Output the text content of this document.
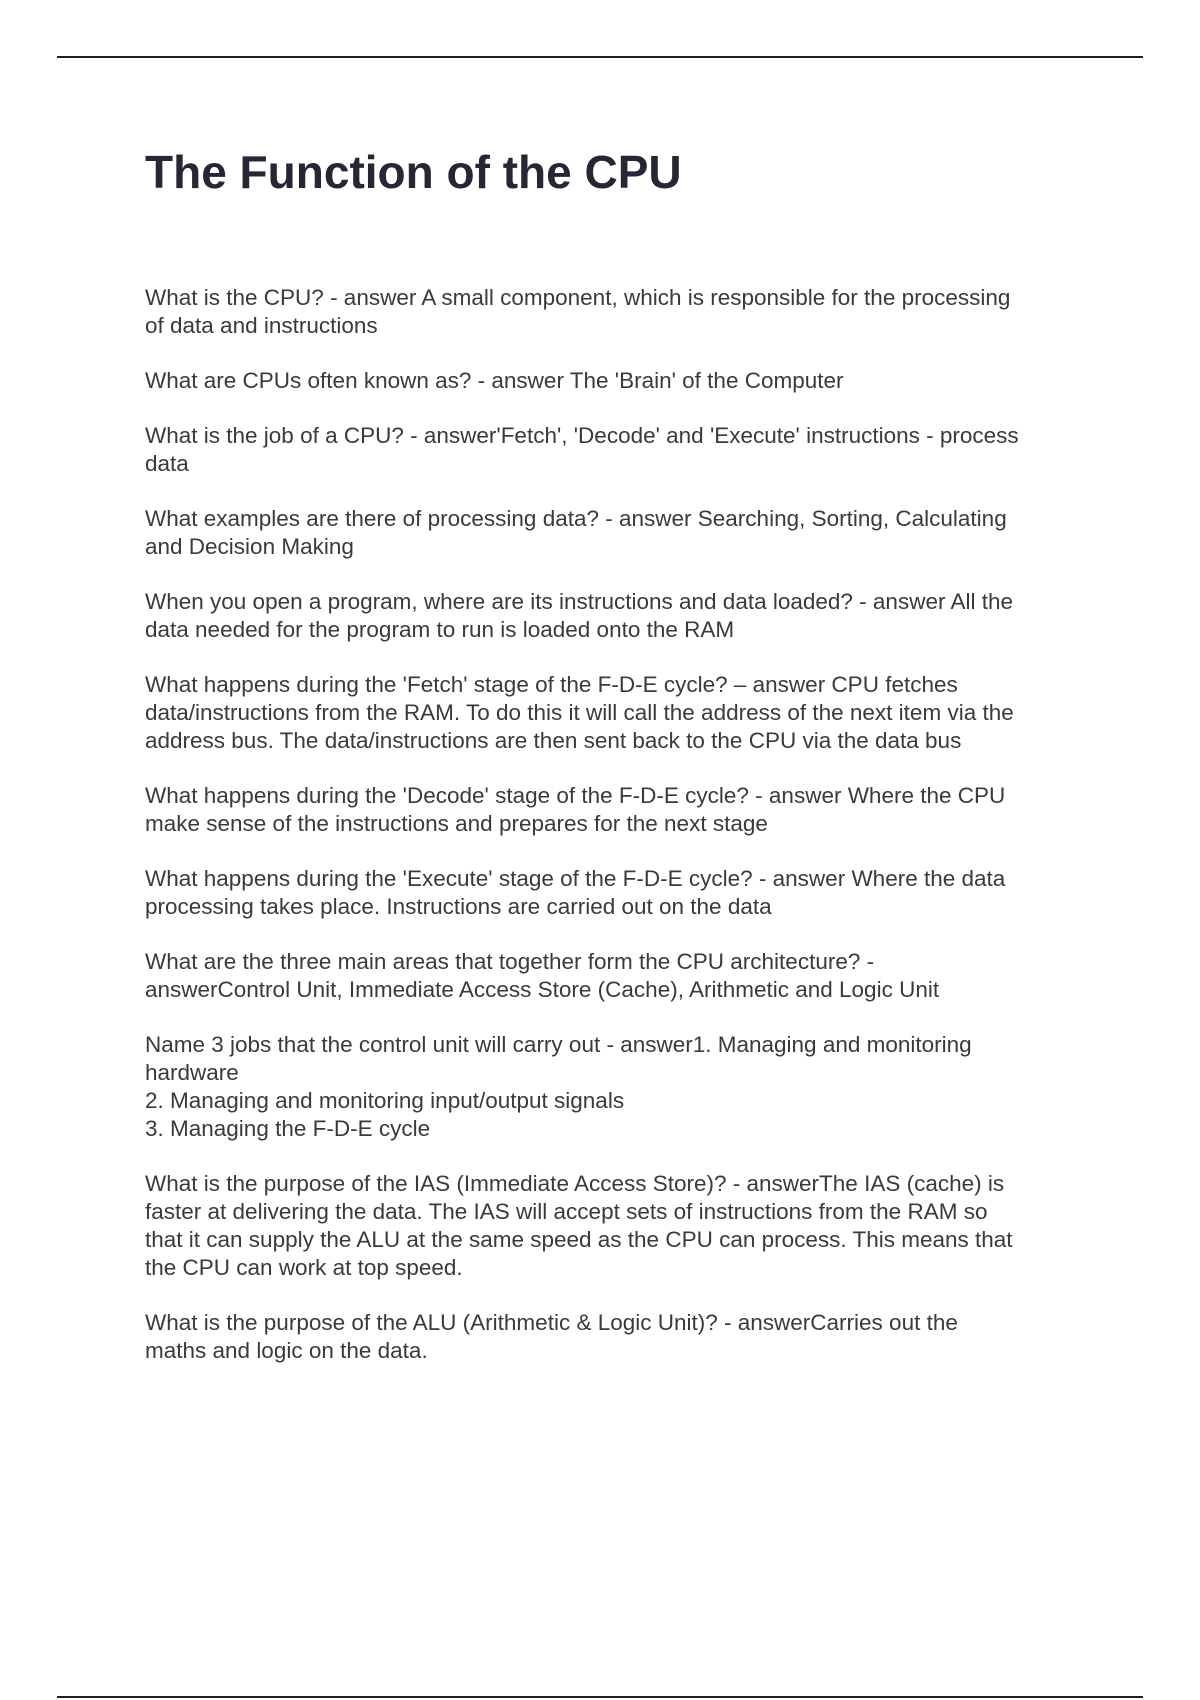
The Function of the CPU
What is the CPU? - answer A small component, which is responsible for the processing
of data and instructions
What are CPUs often known as? - answer The 'Brain' of the Computer
What is the job of a CPU? - answer'Fetch', 'Decode' and 'Execute' instructions - process
data
What examples are there of processing data? - answer Searching, Sorting, Calculating
and Decision Making
When you open a program, where are its instructions and data loaded? - answer All the
data needed for the program to run is loaded onto the RAM
What happens during the 'Fetch' stage of the F-D-E cycle? – answer CPU fetches
data/instructions from the RAM. To do this it will call the address of the next item via the
address bus. The data/instructions are then sent back to the CPU via the data bus
What happens during the 'Decode' stage of the F-D-E cycle? - answer Where the CPU
make sense of the instructions and prepares for the next stage
What happens during the 'Execute' stage of the F-D-E cycle? - answer Where the data
processing takes place. Instructions are carried out on the data
What are the three main areas that together form the CPU architecture? -
answerControl Unit, Immediate Access Store (Cache), Arithmetic and Logic Unit
Name 3 jobs that the control unit will carry out - answer1. Managing and monitoring
hardware
2. Managing and monitoring input/output signals
3. Managing the F-D-E cycle
What is the purpose of the IAS (Immediate Access Store)? - answerThe IAS (cache) is
faster at delivering the data. The IAS will accept sets of instructions from the RAM so
that it can supply the ALU at the same speed as the CPU can process. This means that
the CPU can work at top speed.
What is the purpose of the ALU (Arithmetic & Logic Unit)? - answerCarries out the
maths and logic on the data.
